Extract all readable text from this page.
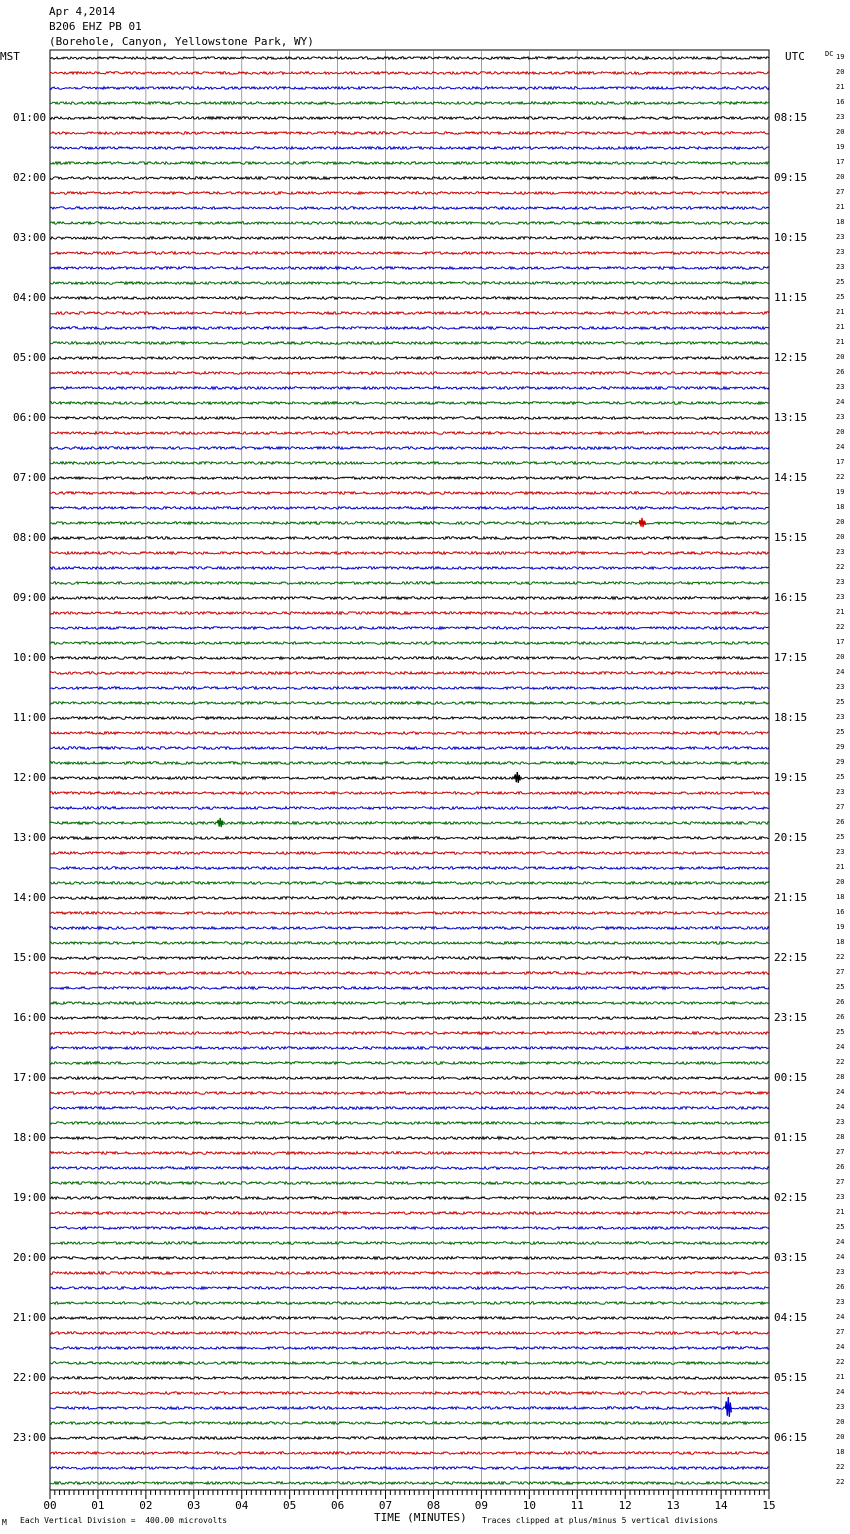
Apr 4,2014
B206 EHZ PB 01
(Borehole, Canyon, Yellowstone Park, WY)
MST	UTC	DC
00	01	02	03	04	05	06	07	08	09	10	11	12	13	14	15
19
20
21
16
23
20
19
17
20
27
21
18
23
23
23
25
25
21
21
21
20
26
23
24
23
20
24
17
22
19
18
20
20
23
22
23
23
21
22
17
20
24
23
25
23
25
29
29
25
23
27
26
25
23
21
20
18
16
19
18
22
27
25
26
26
25
24
22
28
24
24
23
28
27
26
27
23
21
25
24
24
23
26
23
24
27
24
22
21
24
23
20
20
18
22
22
01:00	08:15
02:00	09:15
03:00	10:15
04:00	11:15
05:00	12:15
06:00	13:15
07:00	14:15
08:00	15:15
09:00	16:15
10:00	17:15
11:00	18:15
12:00	19:15
13:00	20:15
14:00	21:15
15:00	22:15
16:00	23:15
17:00	00:15
18:00	01:15
19:00	02:15
20:00	03:15
21:00	04:15
22:00	05:15
23:00	06:15
TIME (MINUTES)
M Each Vertical Division =  400.00 microvolts	Traces clipped at plus/minus 5 vertical divisions
